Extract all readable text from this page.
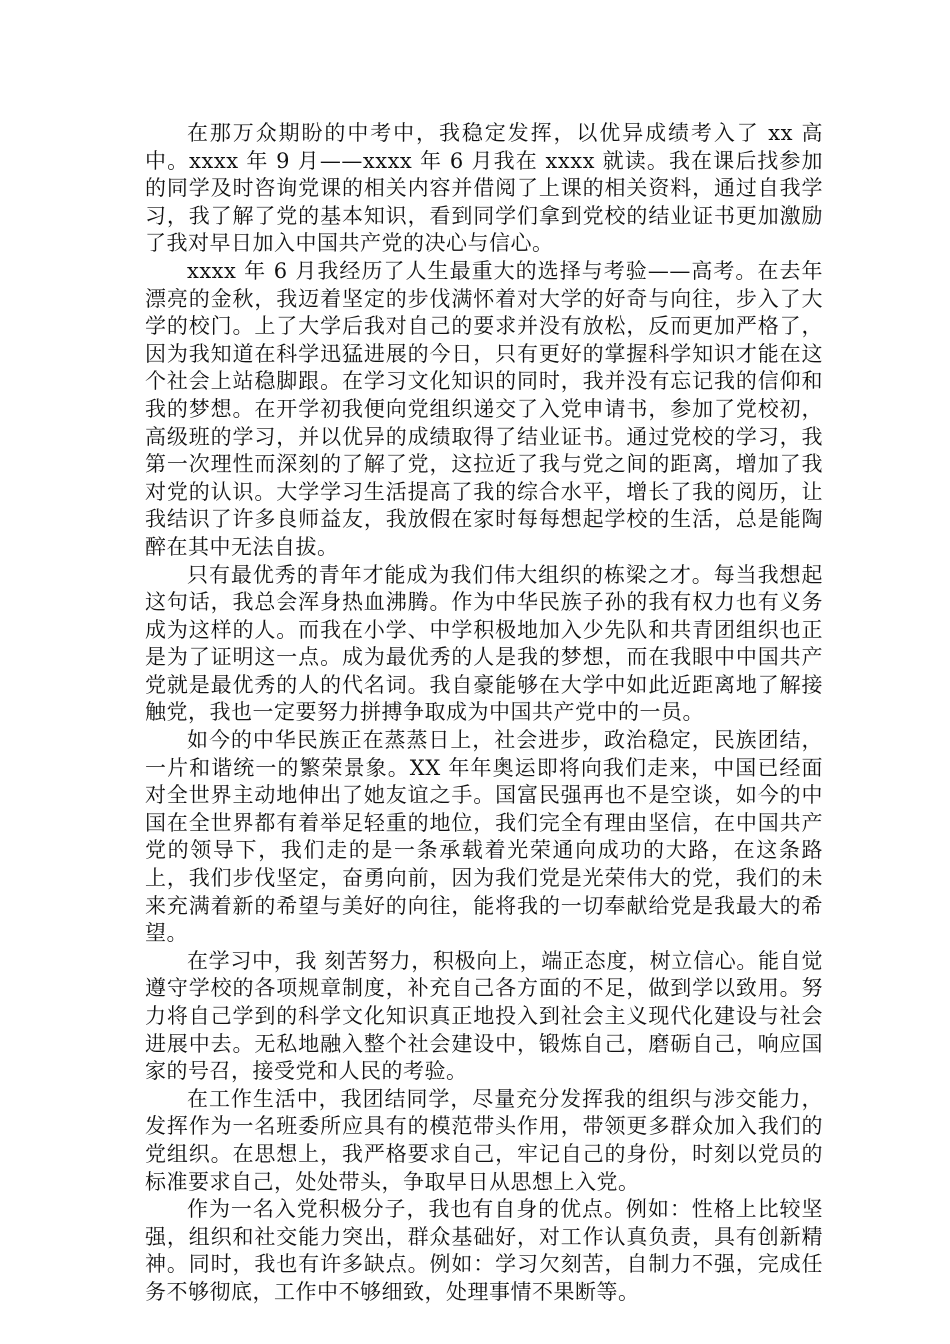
在那万众期盼的中考中，我稳定发挥，以优异成绩考入了 xx 高中。xxxx 年 9 月——xxxx 年 6 月我在 xxxx 就读。我在课后找参加的同学及时咨询党课的相关内容并借阅了上课的相关资料，通过自我学习，我了解了党的基本知识，看到同学们拿到党校的结业证书更加激励了我对早日加入中国共产党的决心与信心。

xxxx 年 6 月我经历了人生最重大的选择与考验——高考。在去年漂亮的金秋，我迈着坚定的步伐满怀着对大学的好奇与向往，步入了大学的校门。上了大学后我对自己的要求并没有放松，反而更加严格了，因为我知道在科学迅猛进展的今日，只有更好的掌握科学知识才能在这个社会上站稳脚跟。在学习文化知识的同时，我并没有忘记我的信仰和我的梦想。在开学初我便向党组织递交了入党申请书，参加了党校初，高级班的学习，并以优异的成绩取得了结业证书。通过党校的学习，我第一次理性而深刻的了解了党，这拉近了我与党之间的距离，增加了我对党的认识。大学学习生活提高了我的综合水平，增长了我的阅历，让我结识了许多良师益友，我放假在家时每每想起学校的生活，总是能陶醉在其中无法自拔。

只有最优秀的青年才能成为我们伟大组织的栋梁之才。每当我想起这句话，我总会浑身热血沸腾。作为中华民族子孙的我有权力也有义务成为这样的人。而我在小学、中学积极地加入少先队和共青团组织也正是为了证明这一点。成为最优秀的人是我的梦想，而在我眼中中国共产党就是最优秀的人的代名词。我自豪能够在大学中如此近距离地了解接触党，我也一定要努力拼搏争取成为中国共产党中的一员。

如今的中华民族正在蒸蒸日上，社会进步，政治稳定，民族团结，一片和谐统一的繁荣景象。XX 年年奥运即将向我们走来，中国已经面对全世界主动地伸出了她友谊之手。国富民强再也不是空谈，如今的中国在全世界都有着举足轻重的地位，我们完全有理由坚信，在中国共产党的领导下，我们走的是一条承载着光荣通向成功的大路，在这条路上，我们步伐坚定，奋勇向前，因为我们党是光荣伟大的党，我们的未来充满着新的希望与美好的向往，能将我的一切奉献给党是我最大的希望。

在学习中，我 刻苦努力，积极向上，端正态度，树立信心。能自觉遵守学校的各项规章制度，补充自己各方面的不足，做到学以致用。努力将自己学到的科学文化知识真正地投入到社会主义现代化建设与社会进展中去。无私地融入整个社会建设中，锻炼自己，磨砺自己，响应国家的号召，接受党和人民的考验。

在工作生活中，我团结同学，尽量充分发挥我的组织与涉交能力，发挥作为一名班委所应具有的模范带头作用，带领更多群众加入我们的党组织。在思想上，我严格要求自己，牢记自己的身份，时刻以党员的标准要求自己，处处带头，争取早日从思想上入党。

作为一名入党积极分子，我也有自身的优点。例如：性格上比较坚强，组织和社交能力突出，群众基础好，对工作认真负责，具有创新精神。同时，我也有许多缺点。例如：学习欠刻苦，自制力不强，完成任务不够彻底，工作中不够细致，处理事情不果断等。
